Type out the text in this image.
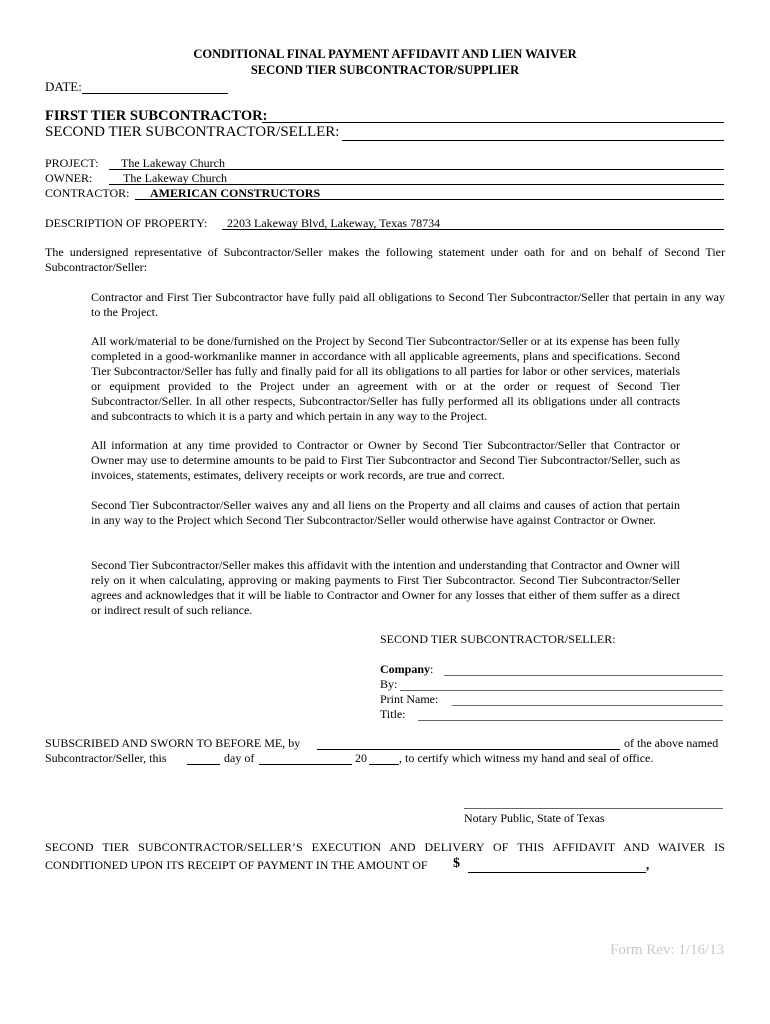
CONDITIONAL FINAL PAYMENT AFFIDAVIT AND LIEN WAIVER
SECOND TIER SUBCONTRACTOR/SUPPLIER
DATE:
FIRST TIER SUBCONTRACTOR:
SECOND TIER SUBCONTRACTOR/SELLER:
PROJECT: The Lakeway Church
OWNER:	The Lakeway Church
CONTRACTOR: AMERICAN CONSTRUCTORS
DESCRIPTION OF PROPERTY: 2203 Lakeway Blvd, Lakeway, Texas 78734
The undersigned representative of Subcontractor/Seller makes the following statement under oath for and on behalf of Second Tier Subcontractor/Seller:
Contractor and First Tier Subcontractor have fully paid all obligations to Second Tier Subcontractor/Seller that pertain in any way to the Project.
All work/material to be done/furnished on the Project by Second Tier Subcontractor/Seller or at its expense has been fully completed in a good-workmanlike manner in accordance with all applicable agreements, plans and specifications. Second Tier Subcontractor/Seller has fully and finally paid for all its obligations to all parties for labor or other services, materials or equipment provided to the Project under an agreement with or at the order or request of Second Tier Subcontractor/Seller. In all other respects, Subcontractor/Seller has fully performed all its obligations under all contracts and subcontracts to which it is a party and which pertain in any way to the Project.
All information at any time provided to Contractor or Owner by Second Tier Subcontractor/Seller that Contractor or Owner may use to determine amounts to be paid to First Tier Subcontractor and Second Tier Subcontractor/Seller, such as invoices, statements, estimates, delivery receipts or work records, are true and correct.
Second Tier Subcontractor/Seller waives any and all liens on the Property and all claims and causes of action that pertain in any way to the Project which Second Tier Subcontractor/Seller would otherwise have against Contractor or Owner.
Second Tier Subcontractor/Seller makes this affidavit with the intention and understanding that Contractor and Owner will rely on it when calculating, approving or making payments to First Tier Subcontractor. Second Tier Subcontractor/Seller agrees and acknowledges that it will be liable to Contractor and Owner for any losses that either of them suffer as a direct or indirect result of such reliance.
SECOND TIER SUBCONTRACTOR/SELLER:
Company:
By:
Print Name:
Title:
SUBSCRIBED AND SWORN TO BEFORE ME, by	of the above named
Subcontractor/Seller, this	day of	20	, to certify which witness my hand and seal of office.
Notary Public, State of Texas
SECOND TIER SUBCONTRACTOR/SELLER’S EXECUTION AND DELIVERY OF THIS AFFIDAVIT AND WAIVER IS
CONDITIONED UPON ITS RECEIPT OF PAYMENT IN THE AMOUNT OF $	,
Form Rev: 1/16/13
